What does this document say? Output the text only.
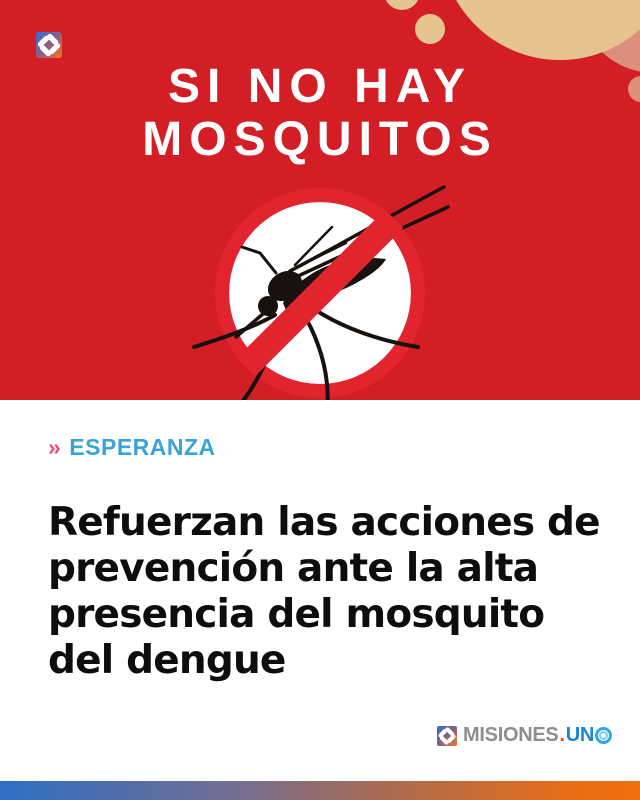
SI NO HAY
MOSQUITOS
» ESPERANZA
Refuerzan las acciones de prevención ante la alta presencia del mosquito del dengue
MISIONES . UN
